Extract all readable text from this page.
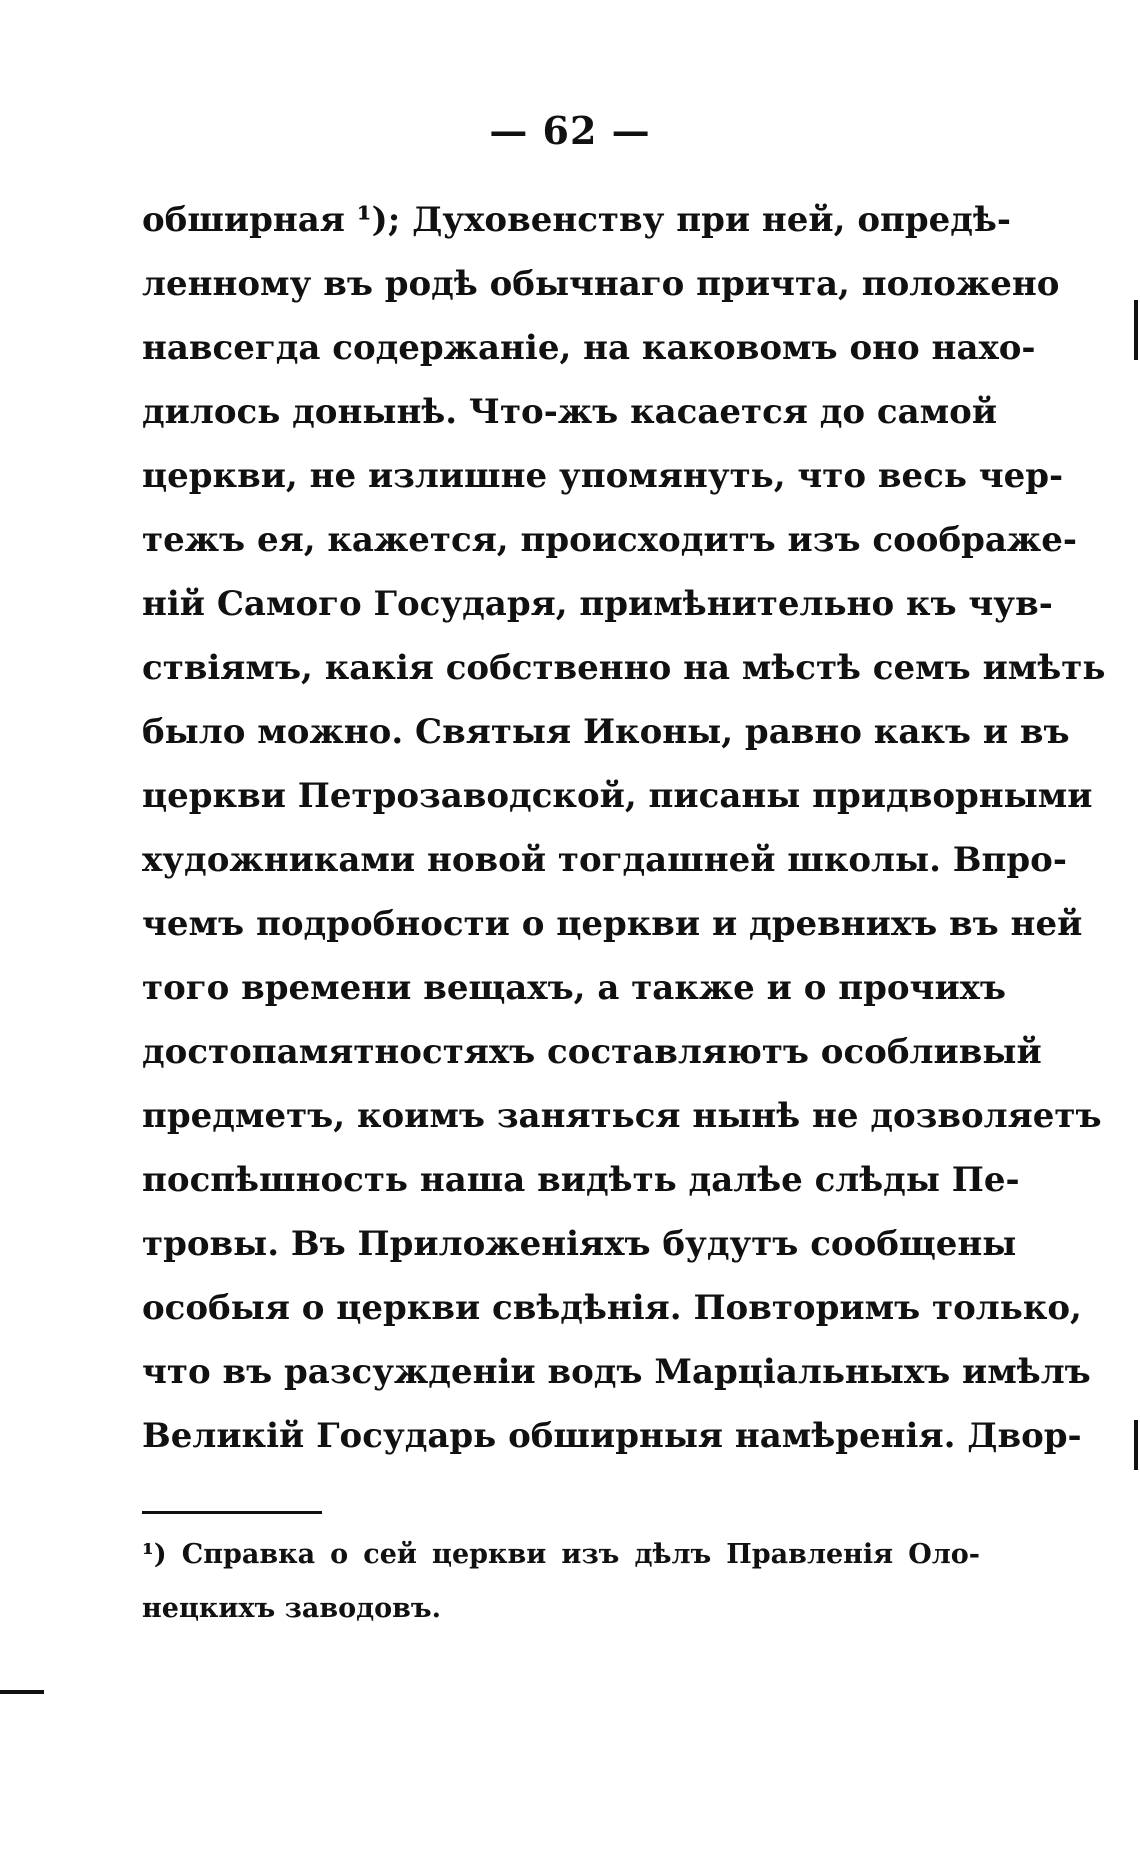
— 62 —
обширная ¹); Духовенству при ней, опредѣ-
ленному въ родѣ обычнаго причта, положено
навсегда содержаніе, на каковомъ оно нахо-
дилось донынѣ. Что-жъ касается до самой
церкви, не излишне упомянуть, что весь чер-
тежъ ея, кажется, происходитъ изъ соображе-
ній Самого Государя, примѣнительно къ чув-
ствіямъ, какія собственно на мѣстѣ семъ имѣть
было можно. Святыя Иконы, равно какъ и въ
церкви Петрозаводской, писаны придворными
художниками новой тогдашней школы. Впро-
чемъ подробности о церкви и древнихъ въ ней
того времени вещахъ, а также и о прочихъ
достопамятностяхъ составляютъ особливый
предметъ, коимъ заняться нынѣ не дозволяетъ
поспѣшность наша видѣть далѣе слѣды Пе-
тровы. Въ Приложеніяхъ будутъ сообщены
особыя о церкви свѣдѣнія. Повторимъ только,
что въ разсужденіи водъ Марціальныхъ имѣлъ
Великій Государь обширныя намѣренія. Двор-
¹) Справка о сей церкви изъ дѣлъ Правленія Оло-
нецкихъ заводовъ.
